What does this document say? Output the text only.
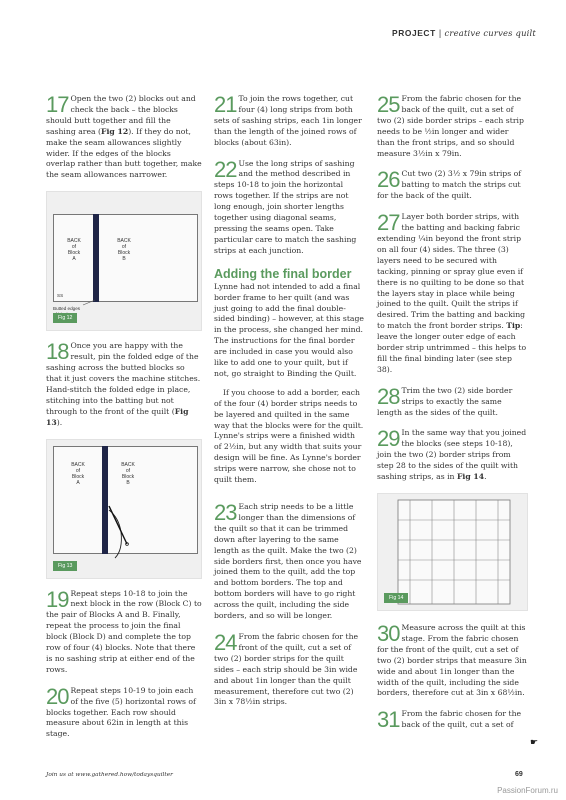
PROJECT | creative curves quilt
17 Open the two (2) blocks out and check the back – the blocks should butt together and fill the sashing area (Fig 12). If they do not, make the seam allowances slightly wider. If the edges of the blocks overlap rather than butt together, make the seam allowances narrower.
BACK
of
Block
A
BACK
of
Block
B
SS
Butted edges

Fig 12
18 Once you are happy with the result, pin the folded edge of the sashing across the butted blocks so that it just covers the machine stitches. Hand-stitch the folded edge in place, stitching into the batting but not through to the front of the quilt (Fig 13).
BACK
of
Block
A
BACK
of
Block
B
Fig 13
19 Repeat steps 10-18 to join the next block in the row (Block C) to the pair of Blocks A and B. Finally, repeat the process to join the final block (Block D) and complete the top row of four (4) blocks. Note that there is no sashing strip at either end of the rows.
20 Repeat steps 10-19 to join each of the five (5) horizontal rows of blocks together. Each row should measure about 62in in length at this stage.
21 To join the rows together, cut four (4) long strips from both sets of sashing strips, each 1in longer than the length of the joined rows of blocks (about 63in).
22 Use the long strips of sashing and the method described in steps 10-18 to join the horizontal rows together. If the strips are not long enough, join shorter lengths together using diagonal seams, pressing the seams open. Take particular care to match the sashing strips at each junction.
Adding the final border
Lynne had not intended to add a final border frame to her quilt (and was just going to add the final double-sided binding) – however, at this stage in the process, she changed her mind. The instructions for the final border are included in case you would also like to add one to your quilt, but if not, go straight to Binding the Quilt.
If you choose to add a border, each of the four (4) border strips needs to be layered and quilted in the same way that the blocks were for the quilt. Lynne's strips were a finished width of 2½in, but any width that suits your design will be fine. As Lynne's border strips were narrow, she chose not to quilt them.
23 Each strip needs to be a little longer than the dimensions of the quilt so that it can be trimmed down after layering to the same length as the quilt. Make the two (2) side borders first, then once you have joined them to the quilt, add the top and bottom borders. The top and bottom borders will have to go right across the quilt, including the side borders, and so will be longer.
24 From the fabric chosen for the front of the quilt, cut a set of two (2) border strips for the quilt sides – each strip should be 3in wide and about 1in longer than the quilt measurement, therefore cut two (2) 3in x 78½in strips.
25 From the fabric chosen for the back of the quilt, cut a set of two (2) side border strips – each strip needs to be ½in longer and wider than the front strips, and so should measure 3½in x 79in.
26 Cut two (2) 3½ x 79in strips of batting to match the strips cut for the back of the quilt.
27 Layer both border strips, with the batting and backing fabric extending ¼in beyond the front strip on all four (4) sides. The three (3) layers need to be secured with tacking, pinning or spray glue even if there is no quilting to be done so that the layers stay in place while being joined to the quilt. Quilt the strips if desired. Trim the batting and backing to match the front border strips. Tip: leave the longer outer edge of each border strip untrimmed – this helps to fill the final binding later (see step 38).
28 Trim the two (2) side border strips to exactly the same length as the sides of the quilt.
29 In the same way that you joined the blocks (see steps 10-18), join the two (2) border strips from step 28 to the sides of the quilt with sashing strips, as in Fig 14.
Fig 14
30 Measure across the quilt at this stage. From the fabric chosen for the front of the quilt, cut a set of two (2) border strips that measure 3in wide and about 1in longer than the width of the quilt, including the side borders, therefore cut at 3in x 68½in.
31 From the fabric chosen for the back of the quilt, cut a set of
☛
Join us at www.gathered.how/todaysquilter	69
PassionForum.ru
